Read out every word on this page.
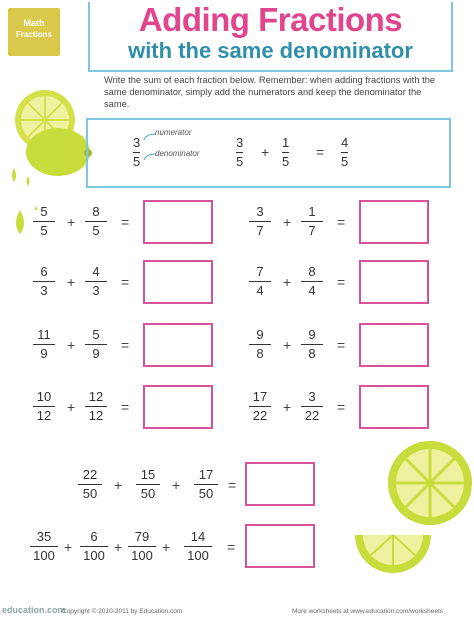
Math
Fractions	Adding Fractions
with the same denominator
Write the sum of each fraction below. Remember: when adding fractions with the same denominator, simply add the numerators and keep the denominator the same.
3
5
numerator
denominator
3
5
+
1
5
=
4
5
5
5
+
8
5
=
3
7
+
1
7
=
6
3
+
4
3
=
7
4
+
8
4
=
11
9
+
5
9
=
9
8
+
9
8
=
10
12
+
12
12
=
17
22
+
3
22
=
22
50
+
15
50
+
17
50
=
35
100
+
6
100
+
79
100
+
14
100
=
education.com
Copyright © 2010-2011 by Education.com	More worksheets at www.education.com/worksheets
